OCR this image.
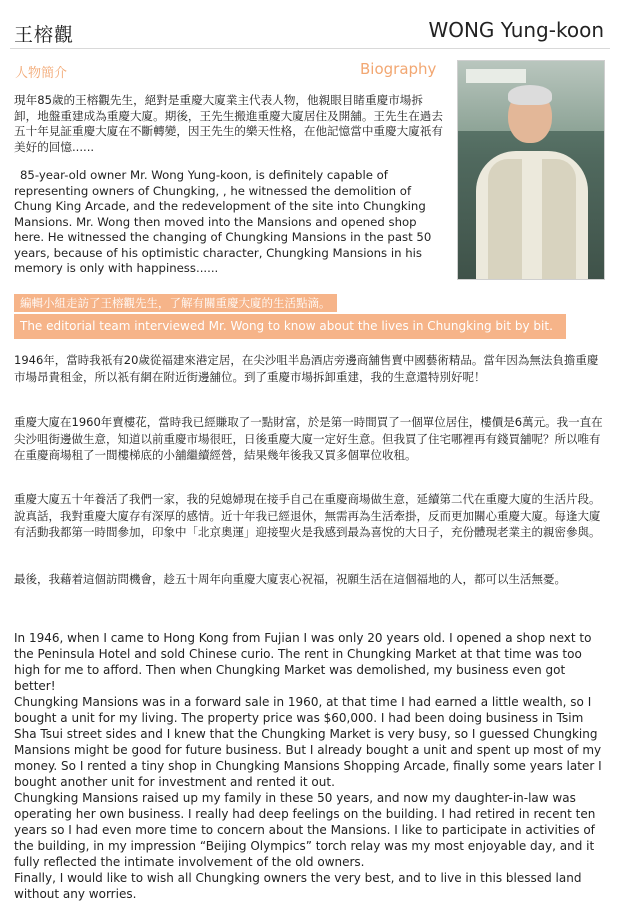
王榕觀	WONG Yung-koon
人物簡介	Biography

現年85歲的王榕觀先生，絕對是重慶大廈業主代表人物，他親眼目睹重慶市場拆卸，地盤重建成為重慶大廈。期後，王先生搬進重慶大廈居住及開舖。王先生在過去五十年見証重慶大廈在不斷轉變，因王先生的樂天性格，在他記憶當中重慶大廈祇有美好的回憶......

85-year-old owner Mr. Wong Yung-koon, is definitely capable of representing owners of Chungking, , he witnessed the demolition of Chung King Arcade, and the redevelopment of the site into Chungking Mansions. Mr. Wong then moved into the Mansions and opened shop here. He witnessed the changing of Chungking Mansions in the past 50 years, because of his optimistic character, Chungking Mansions in his memory is only with happiness......

編輯小組走訪了王榕觀先生，了解有關重慶大廈的生活點滴。
The editorial team interviewed Mr. Wong to know about the lives in Chungking bit by bit.

1946年，當時我祇有20歲從福建來港定居，在尖沙咀半島酒店旁邊商舖售賣中國藝術精品。當年因為無法負擔重慶市場昂貴租金，所以祇有網在附近街邊舖位。到了重慶市場拆卸重建，我的生意還特別好呢！

重慶大廈在1960年賣樓花，當時我已經賺取了一點財富，於是第一時間買了一個單位居住，樓價是6萬元。我一直在尖沙咀街邊做生意，知道以前重慶市場很旺，日後重慶大廈一定好生意。但我買了住宅哪裡再有錢買舖呢？所以唯有在重慶商場租了一間樓梯底的小舖繼續經營，結果幾年後我又買多個單位收租。

重慶大廈五十年養活了我們一家，我的兒媳婦現在接手自己在重慶商場做生意，延續第二代在重慶大廈的生活片段。說真話，我對重慶大廈存有深厚的感情。近十年我已經退休，無需再為生活牽掛，反而更加關心重慶大廈。每逢大廈有活動我都第一時間參加，印象中「北京奧運」迎接聖火是我感到最為喜悅的大日子，充份體現老業主的親密參與。

最後，我藉着這個訪問機會，趁五十周年向重慶大廈衷心祝福，祝願生活在這個福地的人，都可以生活無憂。

In 1946, when I came to Hong Kong from Fujian I was only 20 years old. I opened a shop next to the Peninsula Hotel and sold Chinese curio. The rent in Chungking Market at that time was too high for me to afford. Then when Chungking Market was demolished, my business even got better!

Chungking Mansions was in a forward sale in 1960, at that time I had earned a little wealth, so I bought a unit for my living. The property price was $60,000. I had been doing business in Tsim Sha Tsui street sides and I knew that the Chungking Market is very busy, so I guessed Chungking Mansions might be good for future business. But I already bought a unit and spent up most of my money. So I rented a tiny shop in Chungking Mansions Shopping Arcade, finally some years later I bought another unit for investment and rented it out.

Chungking Mansions raised up my family in these 50 years, and now my daughter-in-law was operating her own business. I really had deep feelings on the building. I had retired in recent ten years so I had even more time to concern about the Mansions. I like to participate in activities of the building, in my impression “Beijing Olympics” torch relay was my most enjoyable day, and it fully reflected the intimate involvement of the old owners.

Finally, I would like to wish all Chungking owners the very best, and to live in this blessed land without any worries.
